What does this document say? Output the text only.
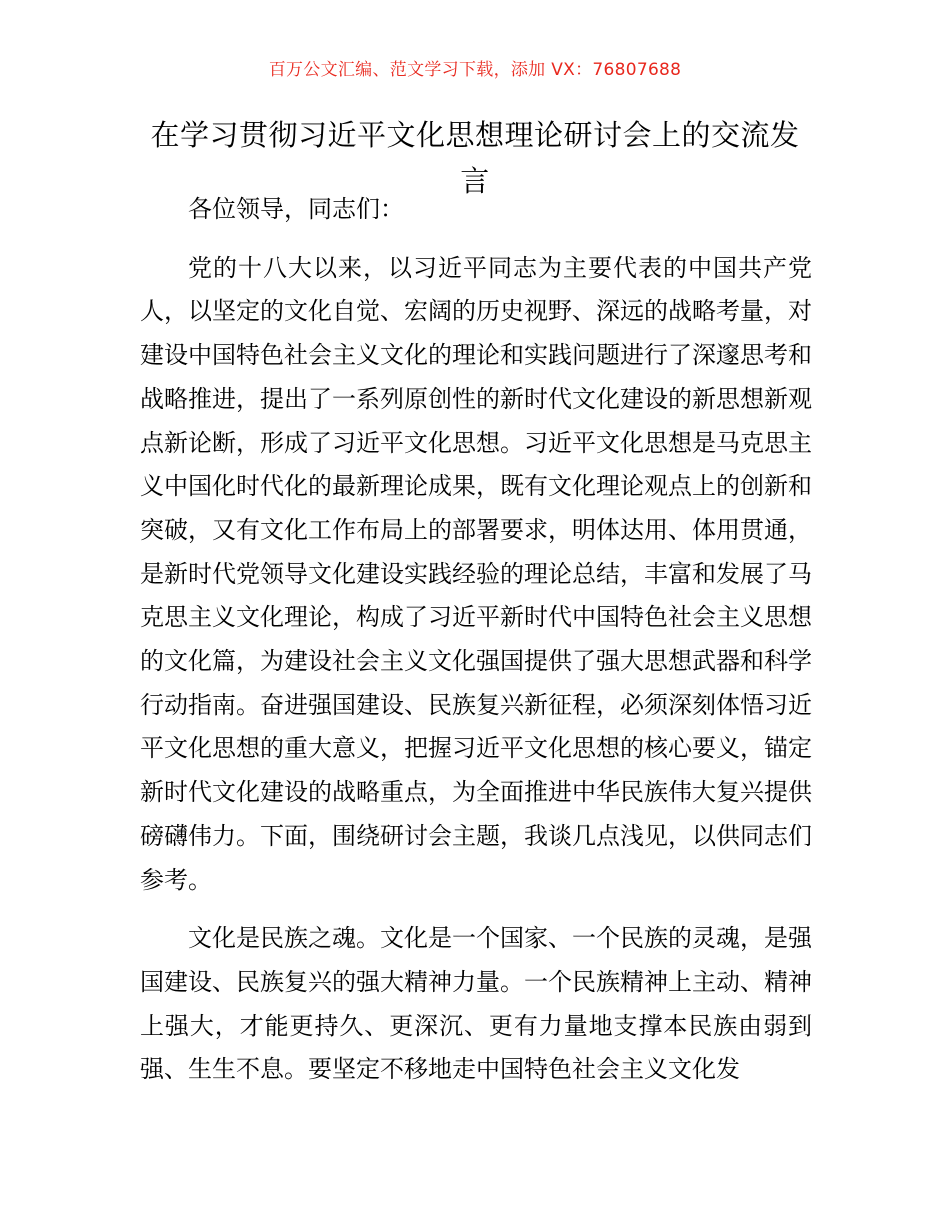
百万公文汇编、范文学习下载，添加 VX：76807688
在学习贯彻习近平文化思想理论研讨会上的交流发言

各位领导，同志们：

党的十八大以来，以习近平同志为主要代表的中国共产党人，以坚定的文化自觉、宏阔的历史视野、深远的战略考量，对建设中国特色社会主义文化的理论和实践问题进行了深邃思考和战略推进，提出了一系列原创性的新时代文化建设的新思想新观点新论断，形成了习近平文化思想。习近平文化思想是马克思主义中国化时代化的最新理论成果，既有文化理论观点上的创新和突破，又有文化工作布局上的部署要求，明体达用、体用贯通，是新时代党领导文化建设实践经验的理论总结，丰富和发展了马克思主义文化理论，构成了习近平新时代中国特色社会主义思想的文化篇，为建设社会主义文化强国提供了强大思想武器和科学行动指南。奋进强国建设、民族复兴新征程，必须深刻体悟习近平文化思想的重大意义，把握习近平文化思想的核心要义，锚定新时代文化建设的战略重点，为全面推进中华民族伟大复兴提供磅礴伟力。下面，围绕研讨会主题，我谈几点浅见，以供同志们参考。

文化是民族之魂。文化是一个国家、一个民族的灵魂，是强国建设、民族复兴的强大精神力量。一个民族精神上主动、精神上强大，才能更持久、更深沉、更有力量地支撑本民族由弱到强、生生不息。要坚定不移地走中国特色社会主义文化发
